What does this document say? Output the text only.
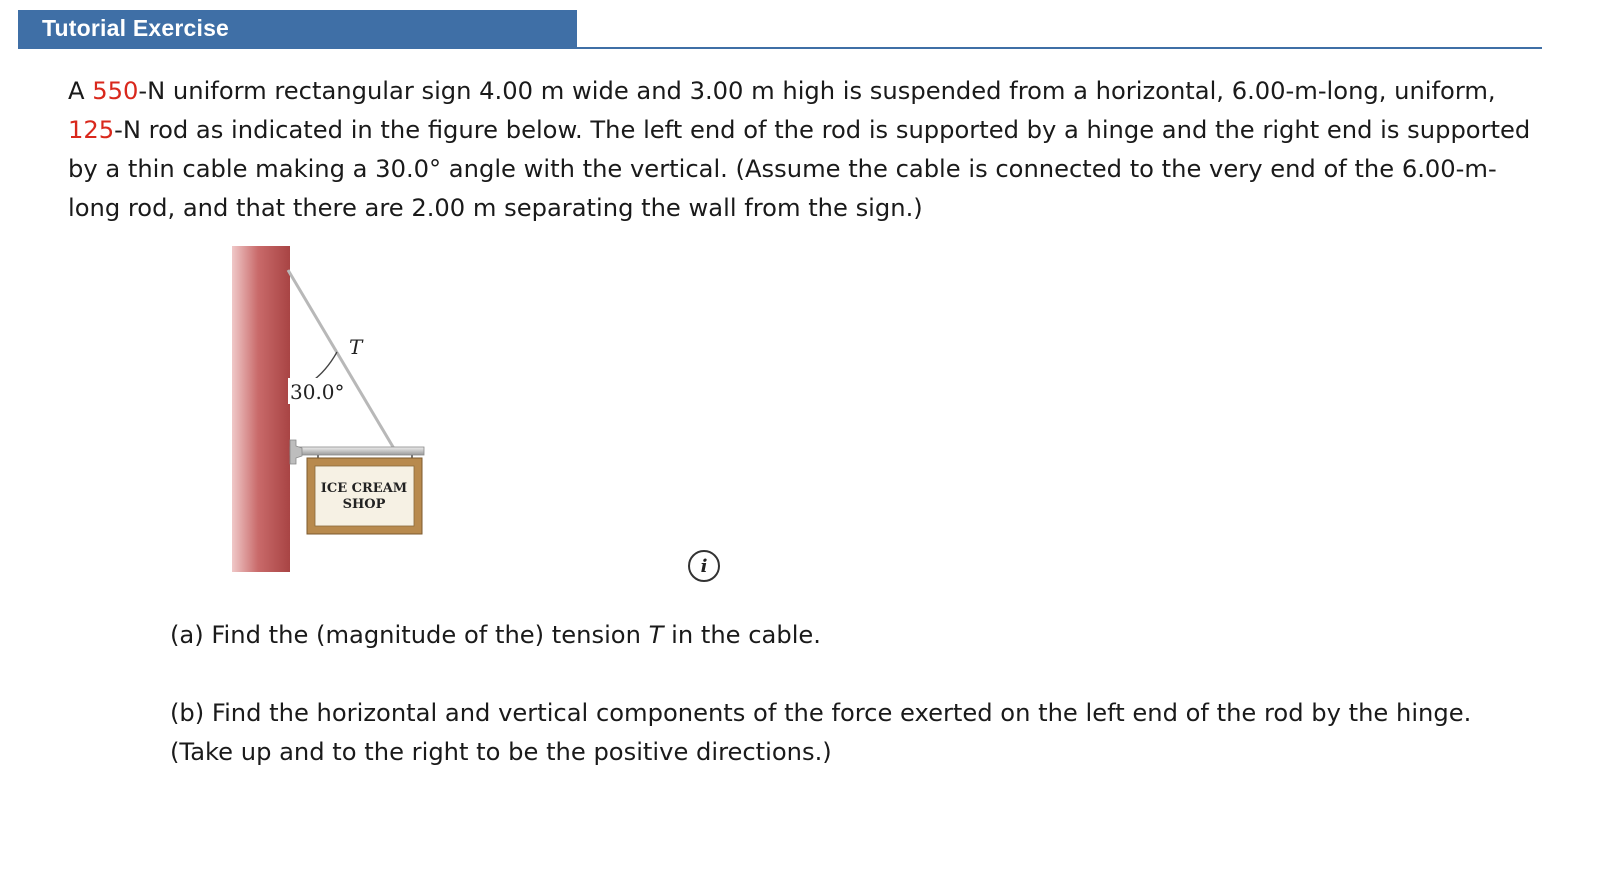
Tutorial Exercise

A 550-N uniform rectangular sign 4.00 m wide and 3.00 m high is suspended from a horizontal, 6.00-m-long, uniform, 125-N rod as indicated in the figure below. The left end of the rod is supported by a hinge and the right end is supported by a thin cable making a 30.0° angle with the vertical. (Assume the cable is connected to the very end of the 6.00-m-long rod, and that there are 2.00 m separating the wall from the sign.)

ICE CREAM
SHOP
T
30.0°
i

(a) Find the (magnitude of the) tension T in the cable.

(b) Find the horizontal and vertical components of the force exerted on the left end of the rod by the hinge. (Take up and to the right to be the positive directions.)
